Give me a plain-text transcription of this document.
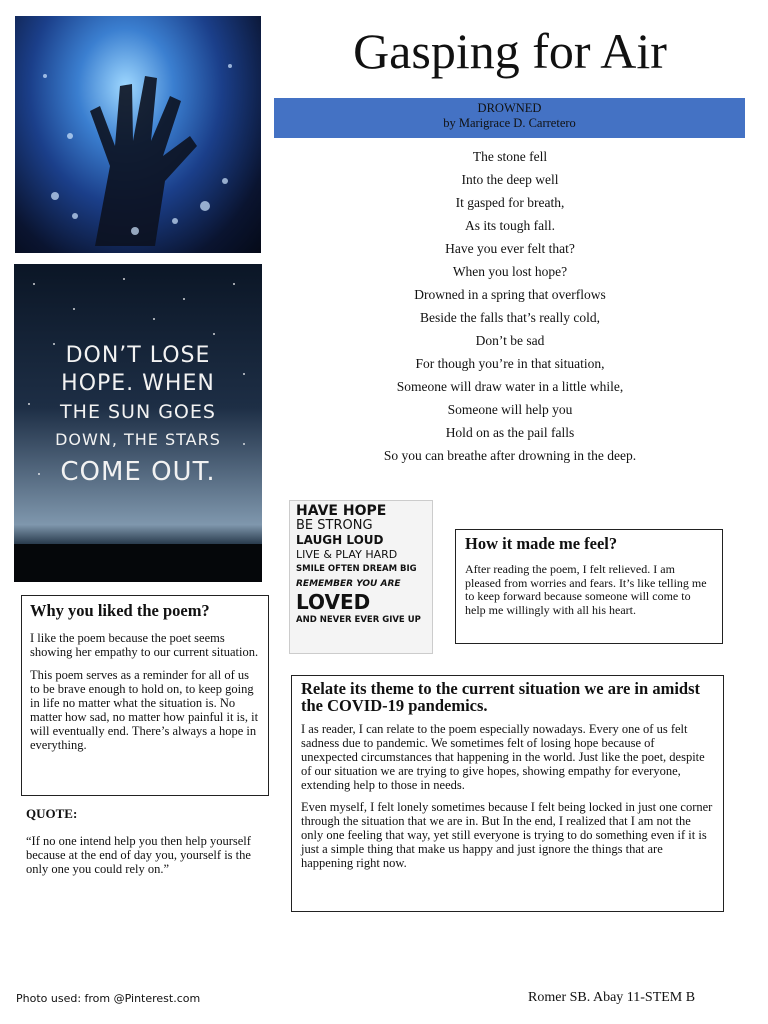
DON’T LOSE
HOPE. WHEN
THE SUN GOES
DOWN, THE STARS
COME OUT.
Gasping for Air
DROWNED
by Marigrace D. Carretero
The stone fell
Into the deep well
It gasped for breath,
As its tough fall.
Have you ever felt that?
When you lost hope?
Drowned in a spring that overflows
Beside the falls that’s really cold,
Don’t be sad
For though you’re in that situation,
Someone will draw water in a little while,
Someone will help you
Hold on as the pail falls
So you can breathe after drowning in the deep.
HAVE HOPE
BE STRONG
LAUGH LOUD
LIVE & PLAY HARD
SMILE OFTEN DREAM BIG
REMEMBER YOU ARE
LOVED
AND NEVER EVER GIVE UP
How it made me feel?

After reading the poem, I felt relieved. I am pleased from worries and fears. It’s like telling me to keep forward because someone will come to help me willingly with all his heart.

Why you liked the poem?

I like the poem because the poet seems showing her empathy to our current situation.

This poem serves as a reminder for all of us to be brave enough to hold on, to keep going in life no matter what the situation is. No matter how sad, no matter how painful it is, it will eventually end. There’s always a hope in everything.

Relate its theme to the current situation we are in amidst the COVID-19 pandemics.

I as reader, I can relate to the poem especially nowadays. Every one of us felt sadness due to pandemic. We sometimes felt of losing hope because of unexpected circumstances that happening in the world. Just like the poet, despite of our situation we are trying to give hopes, showing empathy for everyone, extending help to those in needs.

Even myself, I felt lonely sometimes because I felt being locked in just one corner through the situation that we are in. But In the end, I realized that I am not the only one feeling that way, yet still everyone is trying to do something even if it is just a simple thing that make us happy and just ignore the things that are happening right now.

QUOTE:

“If no one intend help you then help yourself because at the end of day you, yourself is the only one you could rely on.”

Photo used: from @Pinterest.com	Romer SB. Abay 11-STEM B
